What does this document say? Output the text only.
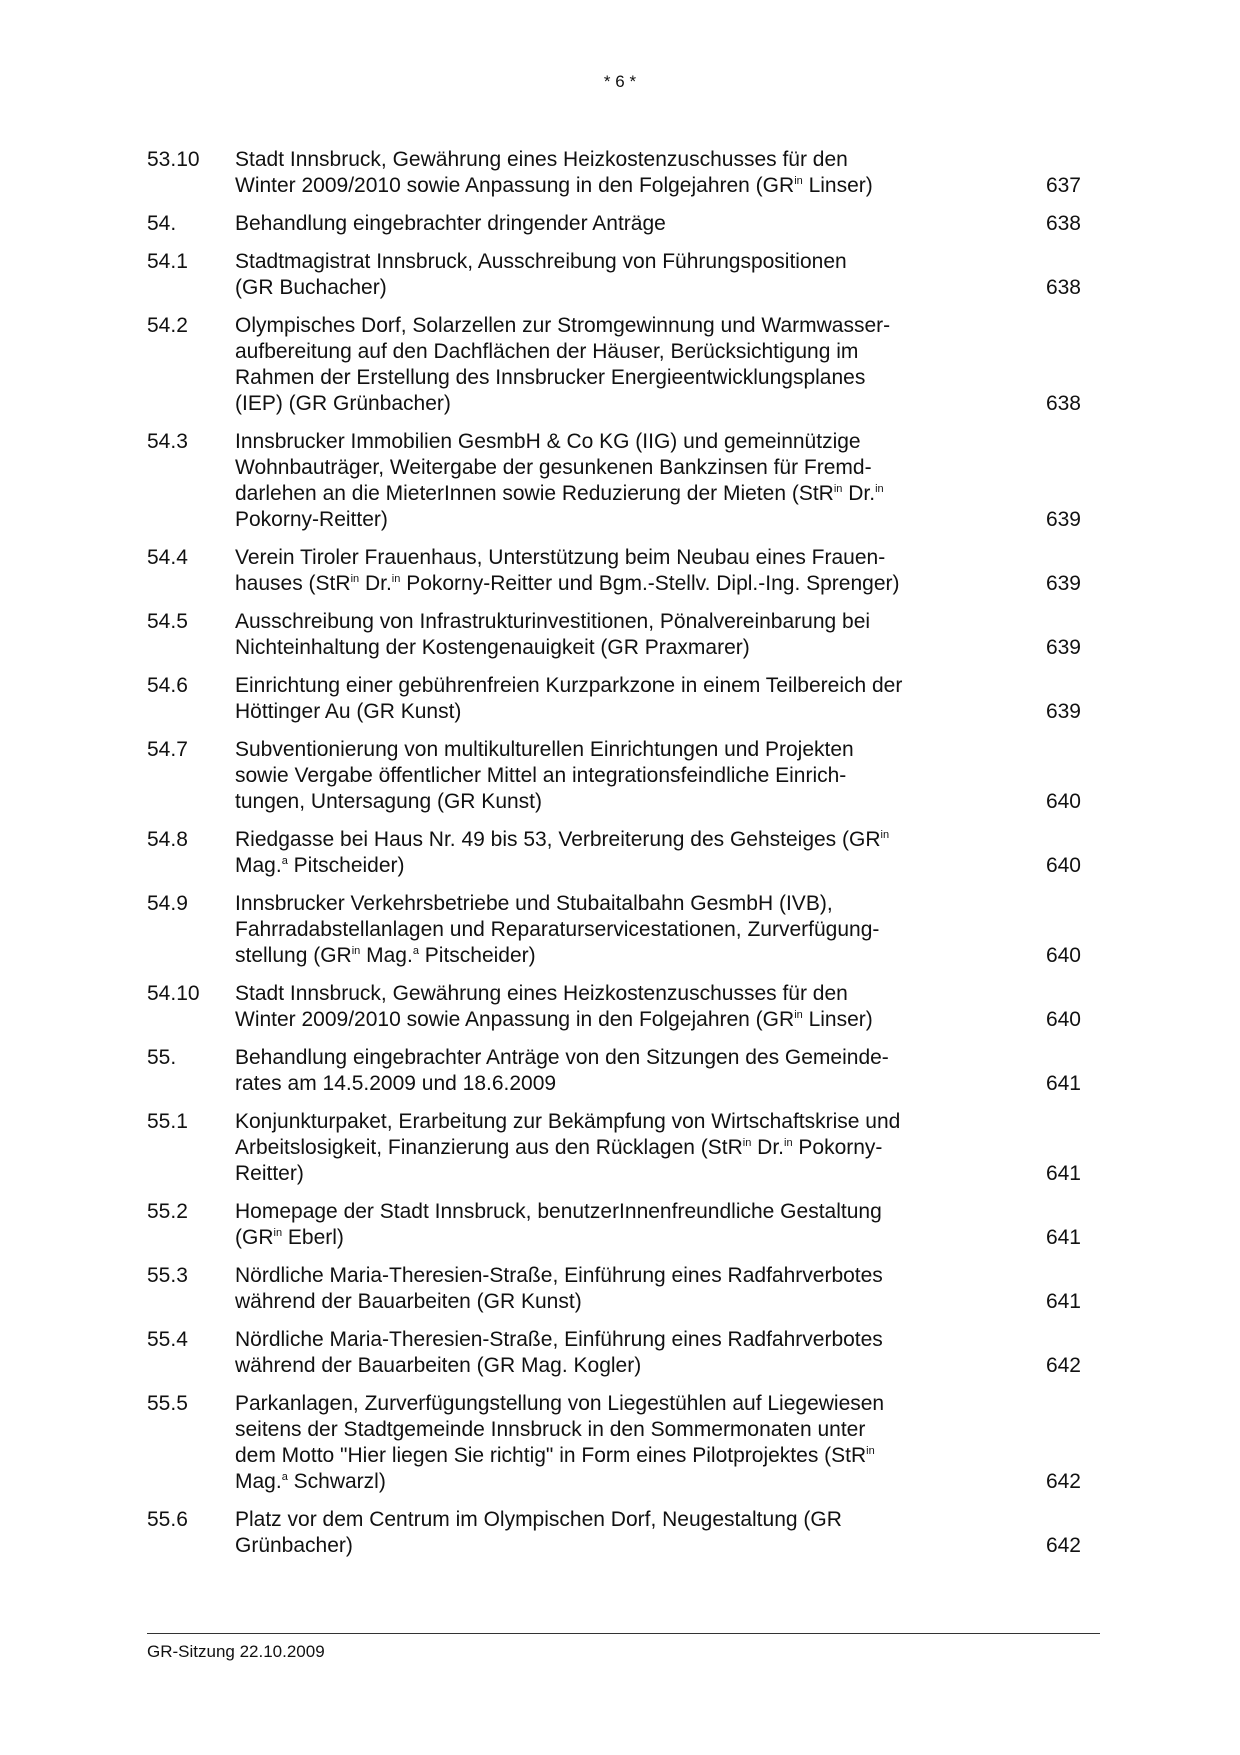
* 6 *
53.10	Stadt Innsbruck, Gewährung eines Heizkostenzuschusses für den
Winter 2009/2010 sowie Anpassung in den Folgejahren ($GR^{in}$ Linser)	637
54.	Behandlung eingebrachter dringender Anträge	638
54.1	Stadtmagistrat Innsbruck, Ausschreibung von Führungspositionen
(GR Buchacher)	638
54.2	Olympisches Dorf, Solarzellen zur Stromgewinnung und Warmwasser-
aufbereitung auf den Dachflächen der Häuser, Berücksichtigung im
Rahmen der Erstellung des Innsbrucker Energieentwicklungsplanes
(IEP) (GR Grünbacher)	638
54.3	Innsbrucker Immobilien GesmbH & Co KG (IIG) und gemeinnützige
Wohnbauträger, Weitergabe der gesunkenen Bankzinsen für Fremd-
darlehen an die MieterInnen sowie Reduzierung der Mieten (StR$^{in}$ Dr.$^{in}$
Pokorny-Reitter)	639
54.4	Verein Tiroler Frauenhaus, Unterstützung beim Neubau eines Frauen-
hauses (StR$^{in}$ Dr.$^{in}$ Pokorny-Reitter und Bgm.-Stellv. Dipl.-Ing. Sprenger)	639
54.5	Ausschreibung von Infrastrukturinvestitionen, Pönalvereinbarung bei
Nichteinhaltung der Kostengenauigkeit (GR Praxmarer)	639
54.6	Einrichtung einer gebührenfreien Kurzparkzone in einem Teilbereich der
Höttinger Au (GR Kunst)	639
54.7	Subventionierung von multikulturellen Einrichtungen und Projekten
sowie Vergabe öffentlicher Mittel an integrationsfeindliche Einrich-
tungen, Untersagung (GR Kunst)	640
54.8	Riedgasse bei Haus Nr. 49 bis 53, Verbreiterung des Gehsteiges ($GR^{in}$
Mag.$^a$ Pitscheider)	640
54.9	Innsbrucker Verkehrsbetriebe und Stubaitalbahn GesmbH (IVB),
Fahrradabstellanlagen und Reparaturservicestationen, Zurverfügung-
stellung ($GR^{in}$ Mag.$^a$ Pitscheider)	640
54.10	Stadt Innsbruck, Gewährung eines Heizkostenzuschusses für den
Winter 2009/2010 sowie Anpassung in den Folgejahren ($GR^{in}$ Linser)	640
55.	Behandlung eingebrachter Anträge von den Sitzungen des Gemeinde-
rates am 14.5.2009 und 18.6.2009	641
55.1	Konjunkturpaket, Erarbeitung zur Bekämpfung von Wirtschaftskrise und
Arbeitslosigkeit, Finanzierung aus den Rücklagen (StR$^{in}$ Dr.$^{in}$ Pokorny-
Reitter)	641
55.2	Homepage der Stadt Innsbruck, benutzerInnenfreundliche Gestaltung
($GR^{in}$ Eberl)	641
55.3	Nördliche Maria-Theresien-Straße, Einführung eines Radfahrverbotes
während der Bauarbeiten (GR Kunst)	641
55.4	Nördliche Maria-Theresien-Straße, Einführung eines Radfahrverbotes
während der Bauarbeiten (GR Mag. Kogler)	642
55.5	Parkanlagen, Zurverfügungstellung von Liegestühlen auf Liegewiesen
seitens der Stadtgemeinde Innsbruck in den Sommermonaten unter
dem Motto "Hier liegen Sie richtig" in Form eines Pilotprojektes (StR$^{in}$
Mag.$^a$ Schwarzl)	642
55.6	Platz vor dem Centrum im Olympischen Dorf, Neugestaltung (GR
Grünbacher)	642
GR-Sitzung 22.10.2009
